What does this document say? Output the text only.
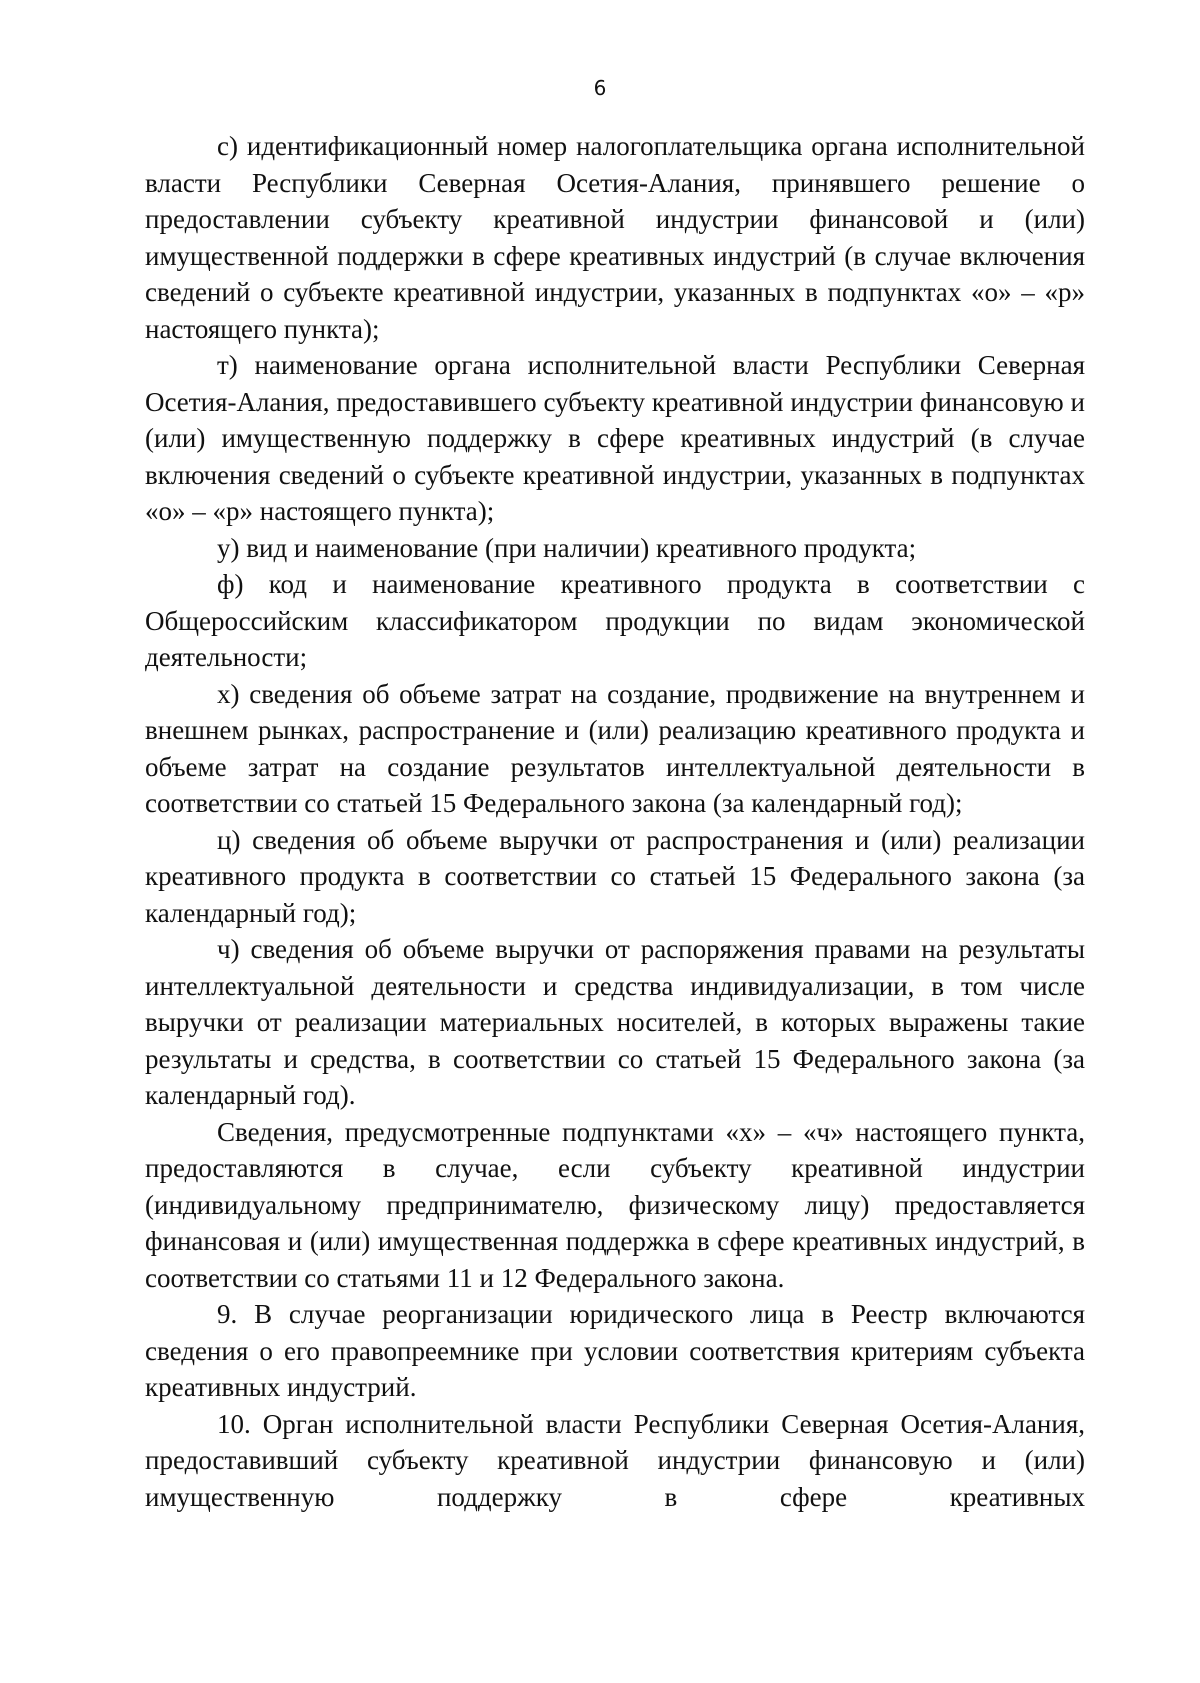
6

с) идентификационный номер налогоплательщика органа исполнительной власти Республики Северная Осетия-Алания, принявшего решение о предоставлении субъекту креативной индустрии финансовой и (или) имущественной поддержки в сфере креативных индустрий (в случае включения сведений о субъекте креативной индустрии, указанных в подпунктах «о» – «р» настоящего пункта);

т) наименование органа исполнительной власти Республики Северная Осетия-Алания, предоставившего субъекту креативной индустрии финансовую и (или) имущественную поддержку в сфере креативных индустрий (в случае включения сведений о субъекте креативной индустрии, указанных в подпунктах «о» – «р» настоящего пункта);

у) вид и наименование (при наличии) креативного продукта;

ф) код и наименование креативного продукта в соответствии с Общероссийским классификатором продукции по видам экономической деятельности;

х) сведения об объеме затрат на создание, продвижение на внутреннем и внешнем рынках, распространение и (или) реализацию креативного продукта и объеме затрат на создание результатов интеллектуальной деятельности в соответствии со статьей 15 Федерального закона (за календарный год);

ц) сведения об объеме выручки от распространения и (или) реализации креативного продукта в соответствии со статьей 15 Федерального закона (за календарный год);

ч) сведения об объеме выручки от распоряжения правами на результаты интеллектуальной деятельности и средства индивидуализации, в том числе выручки от реализации материальных носителей, в которых выражены такие результаты и средства, в соответствии со статьей 15 Федерального закона (за календарный год).

Сведения, предусмотренные подпунктами «х» – «ч» настоящего пункта, предоставляются в случае, если субъекту креативной индустрии (индивидуальному предпринимателю, физическому лицу) предоставляется финансовая и (или) имущественная поддержка в сфере креативных индустрий, в соответствии со статьями 11 и 12 Федерального закона.

9. В случае реорганизации юридического лица в Реестр включаются сведения о его правопреемнике при условии соответствия критериям субъекта креативных индустрий.

10. Орган исполнительной власти Республики Северная Осетия-Алания, предоставивший субъекту креативной индустрии финансовую и (или) имущественную поддержку в сфере креативных
